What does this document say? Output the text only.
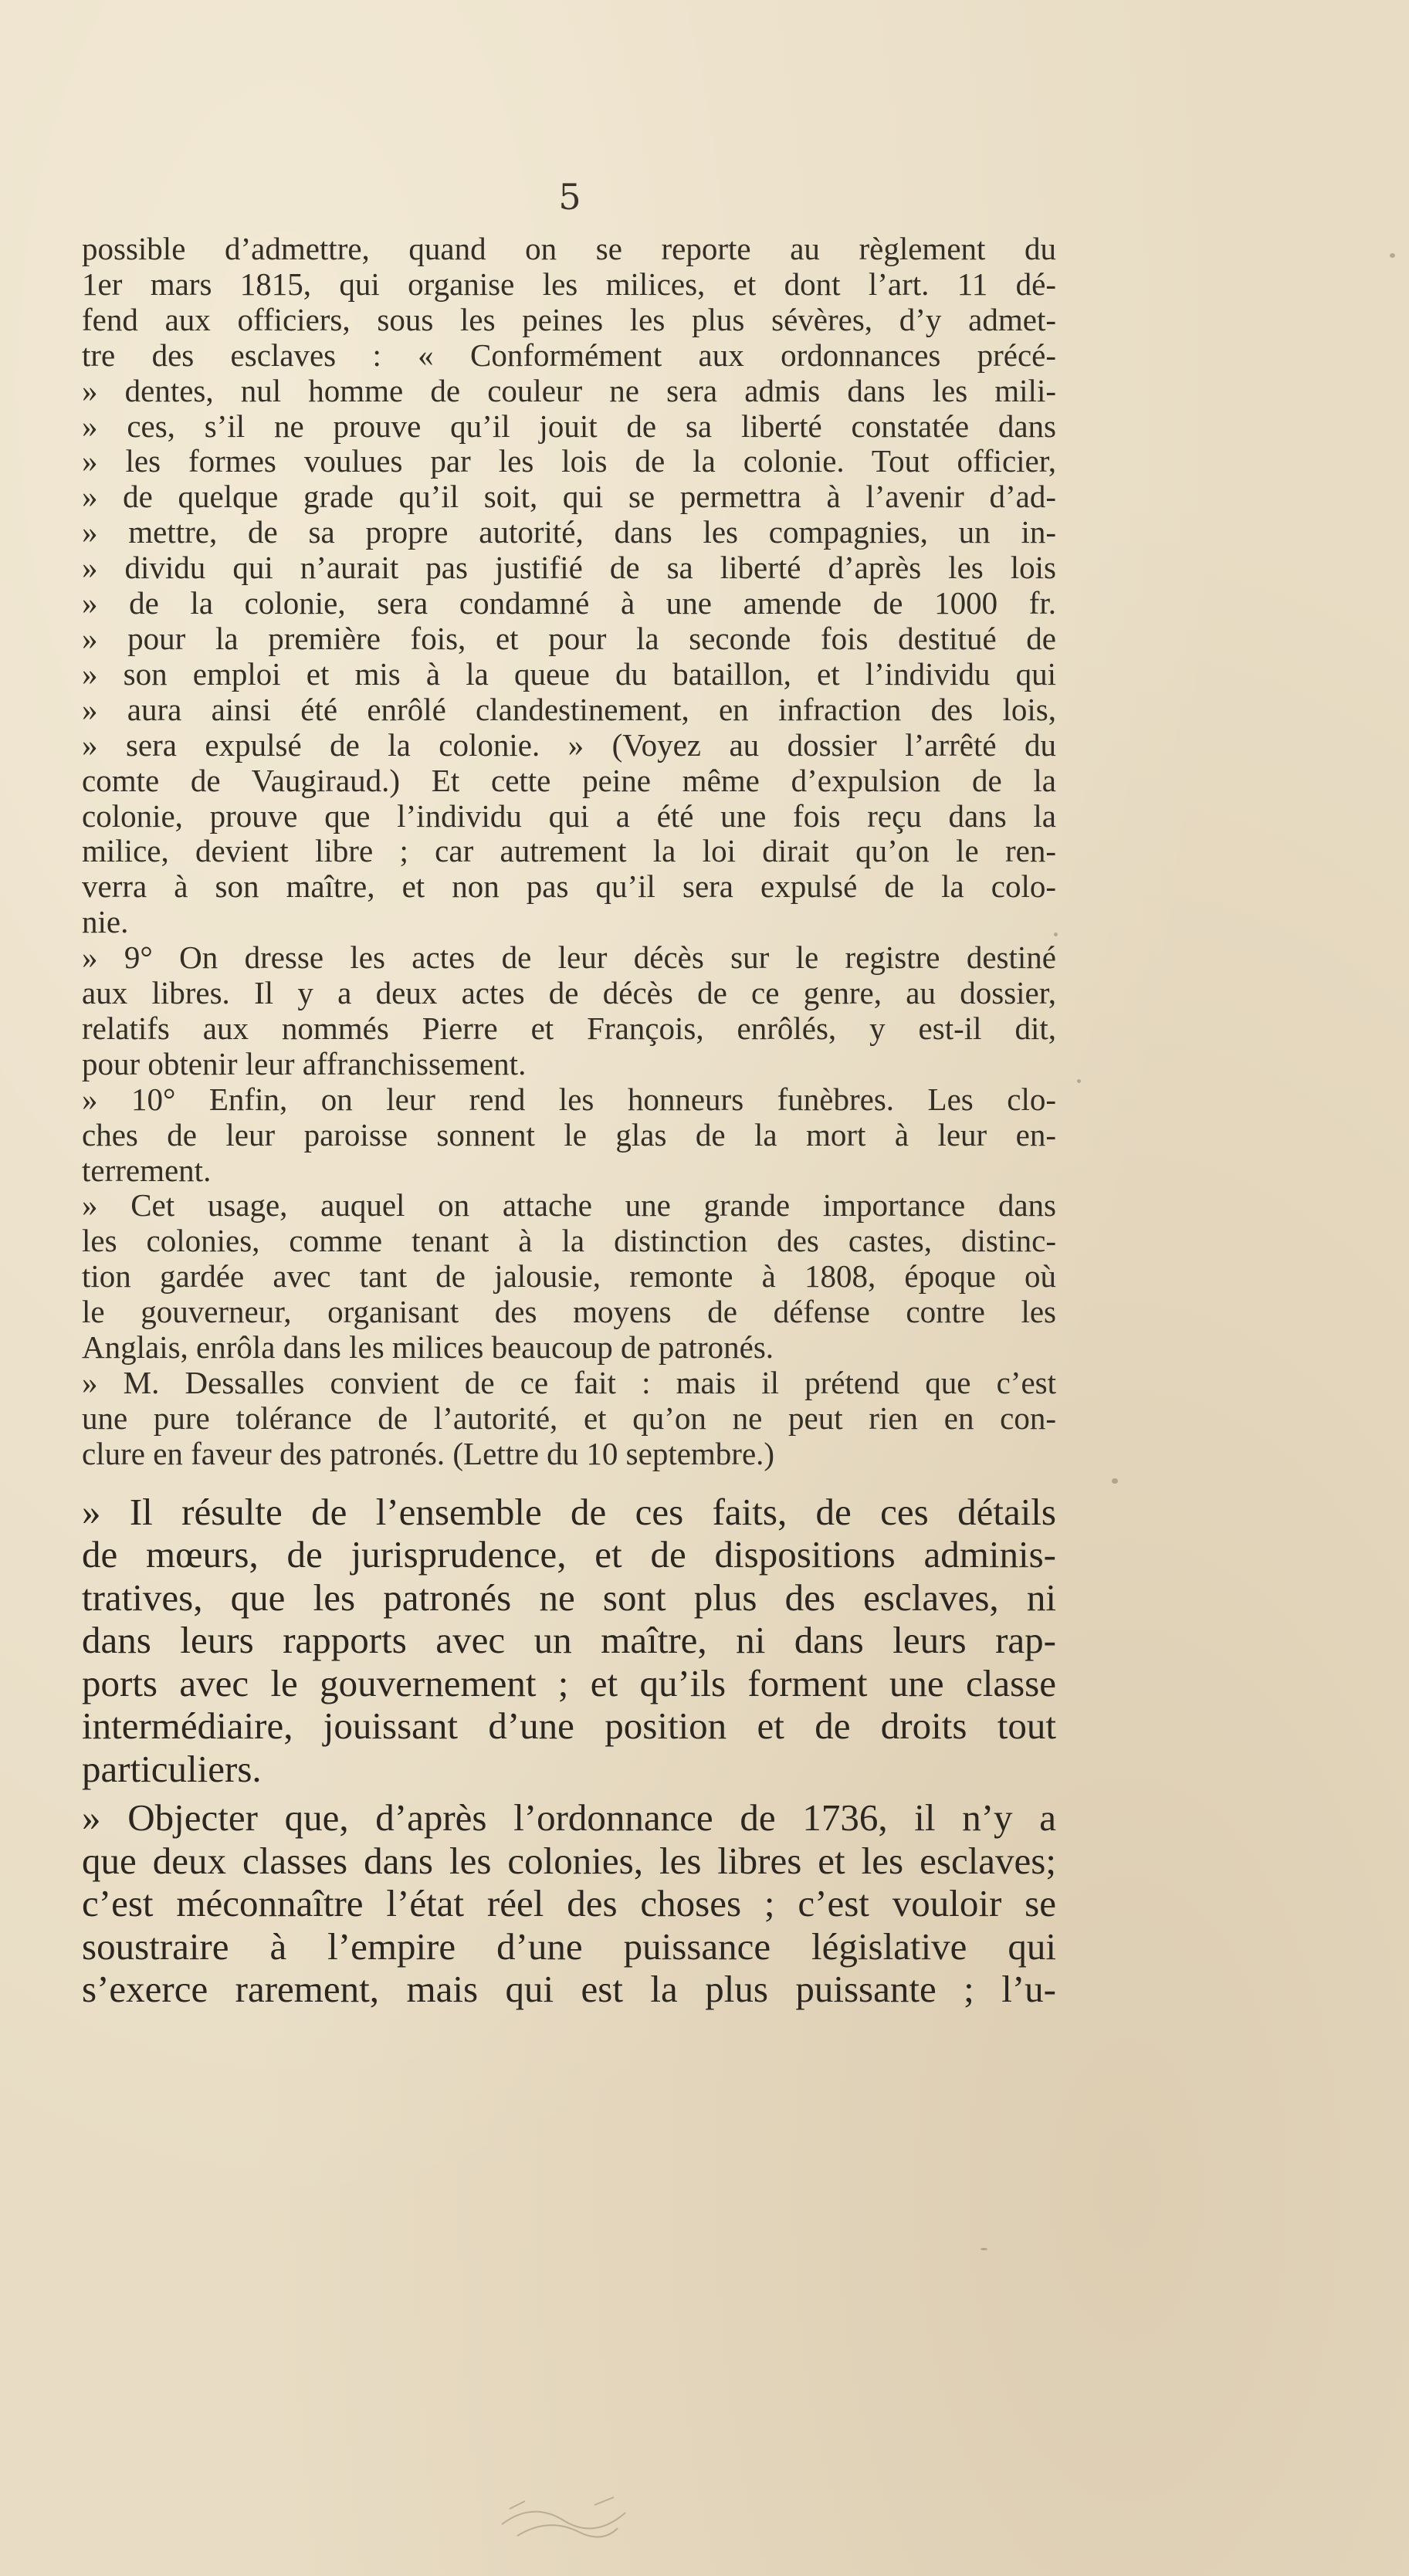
5
possible d’admettre, quand on se reporte au règlement du
1er mars 1815, qui organise les milices, et dont l’art. 11 dé-
fend aux officiers, sous les peines les plus sévères, d’y admet-
tre des esclaves : « Conformément aux ordonnances précé-
» dentes, nul homme de couleur ne sera admis dans les mili-
» ces, s’il ne prouve qu’il jouit de sa liberté constatée dans
» les formes voulues par les lois de la colonie. Tout officier,
» de quelque grade qu’il soit, qui se permettra à l’avenir d’ad-
» mettre, de sa propre autorité, dans les compagnies, un in-
» dividu qui n’aurait pas justifié de sa liberté d’après les lois
» de la colonie, sera condamné à une amende de 1000 fr.
» pour la première fois, et pour la seconde fois destitué de
» son emploi et mis à la queue du bataillon, et l’individu qui
» aura ainsi été enrôlé clandestinement, en infraction des lois,
» sera expulsé de la colonie. » (Voyez au dossier l’arrêté du
comte de Vaugiraud.) Et cette peine même d’expulsion de la
colonie, prouve que l’individu qui a été une fois reçu dans la
milice, devient libre ; car autrement la loi dirait qu’on le ren-
verra à son maître, et non pas qu’il sera expulsé de la colo-
nie.
» 9° On dresse les actes de leur décès sur le registre destiné
aux libres. Il y a deux actes de décès de ce genre, au dossier,
relatifs aux nommés Pierre et François, enrôlés, y est-il dit,
pour obtenir leur affranchissement.
» 10° Enfin, on leur rend les honneurs funèbres. Les clo-
ches de leur paroisse sonnent le glas de la mort à leur en-
terrement.
» Cet usage, auquel on attache une grande importance dans
les colonies, comme tenant à la distinction des castes, distinc-
tion gardée avec tant de jalousie, remonte à 1808, époque où
le gouverneur, organisant des moyens de défense contre les
Anglais, enrôla dans les milices beaucoup de patronés.
» M. Dessalles convient de ce fait : mais il prétend que c’est
une pure tolérance de l’autorité, et qu’on ne peut rien en con-
clure en faveur des patronés. (Lettre du 10 septembre.)
» Il résulte de l’ensemble de ces faits, de ces détails
de mœurs, de jurisprudence, et de dispositions adminis-
tratives, que les patronés ne sont plus des esclaves, ni
dans leurs rapports avec un maître, ni dans leurs rap-
ports avec le gouvernement ; et qu’ils forment une classe
intermédiaire, jouissant d’une position et de droits tout
particuliers.
» Objecter que, d’après l’ordonnance de 1736, il n’y a
que deux classes dans les colonies, les libres et les esclaves;
c’est méconnaître l’état réel des choses ; c’est vouloir se
soustraire à l’empire d’une puissance législative qui
s’exerce rarement, mais qui est la plus puissante ; l’u-
